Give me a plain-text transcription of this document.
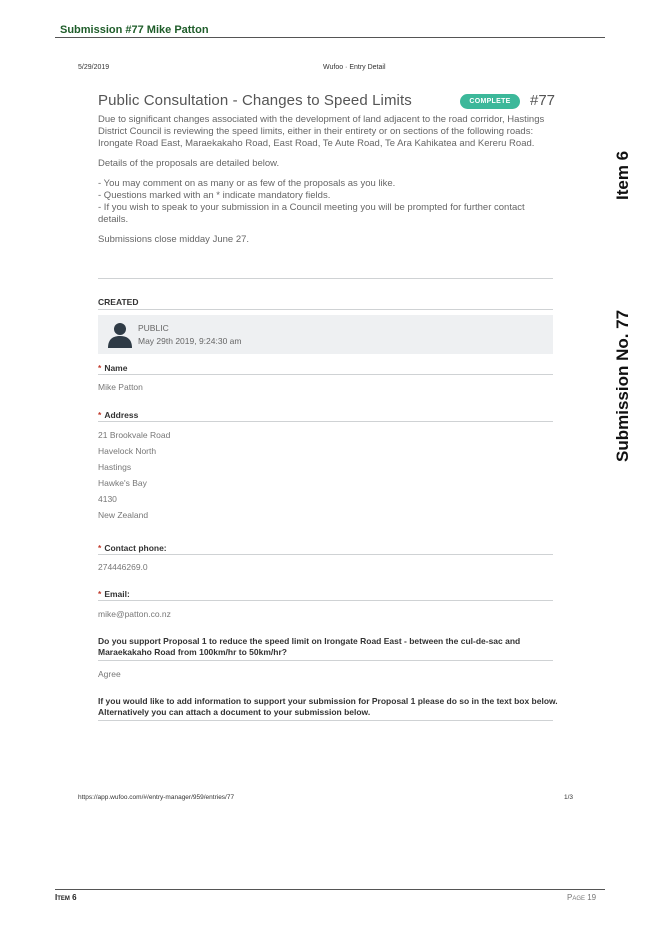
Submission #77 Mike Patton
5/29/2019	Wufoo · Entry Detail
Public Consultation - Changes to Speed Limits	COMPLETE	#77

Due to significant changes associated with the development of land adjacent to the road corridor, Hastings District Council is reviewing the speed limits, either in their entirety or on sections of the following roads: Irongate Road East, Maraekakaho Road, East Road, Te Aute Road, Te Ara Kahikatea and Kereru Road.

Details of the proposals are detailed below.

- You may comment on as many or as few of the proposals as you like.

- Questions marked with an * indicate mandatory fields.

- If you wish to speak to your submission in a Council meeting you will be prompted for further contact details.

Submissions close midday June 27.

CREATED
PUBLIC
May 29th 2019, 9:24:30 am
* Name
Mike Patton
* Address
21 Brookvale Road
Havelock North
Hastings
Hawke's Bay
4130
New Zealand
* Contact phone:
274446269.0
* Email:
mike@patton.co.nz
Do you support Proposal 1 to reduce the speed limit on Irongate Road East - between the cul-de-sac and Maraekakaho Road from 100km/hr to 50km/hr?
Agree
If you would like to add information to support your submission for Proposal 1 please do so in the text box below. Alternatively you can attach a document to your submission below.
https://app.wufoo.com/#/entry-manager/959/entries/77	1/3
Item 6
Submission No. 77
Item 6	Page 19
